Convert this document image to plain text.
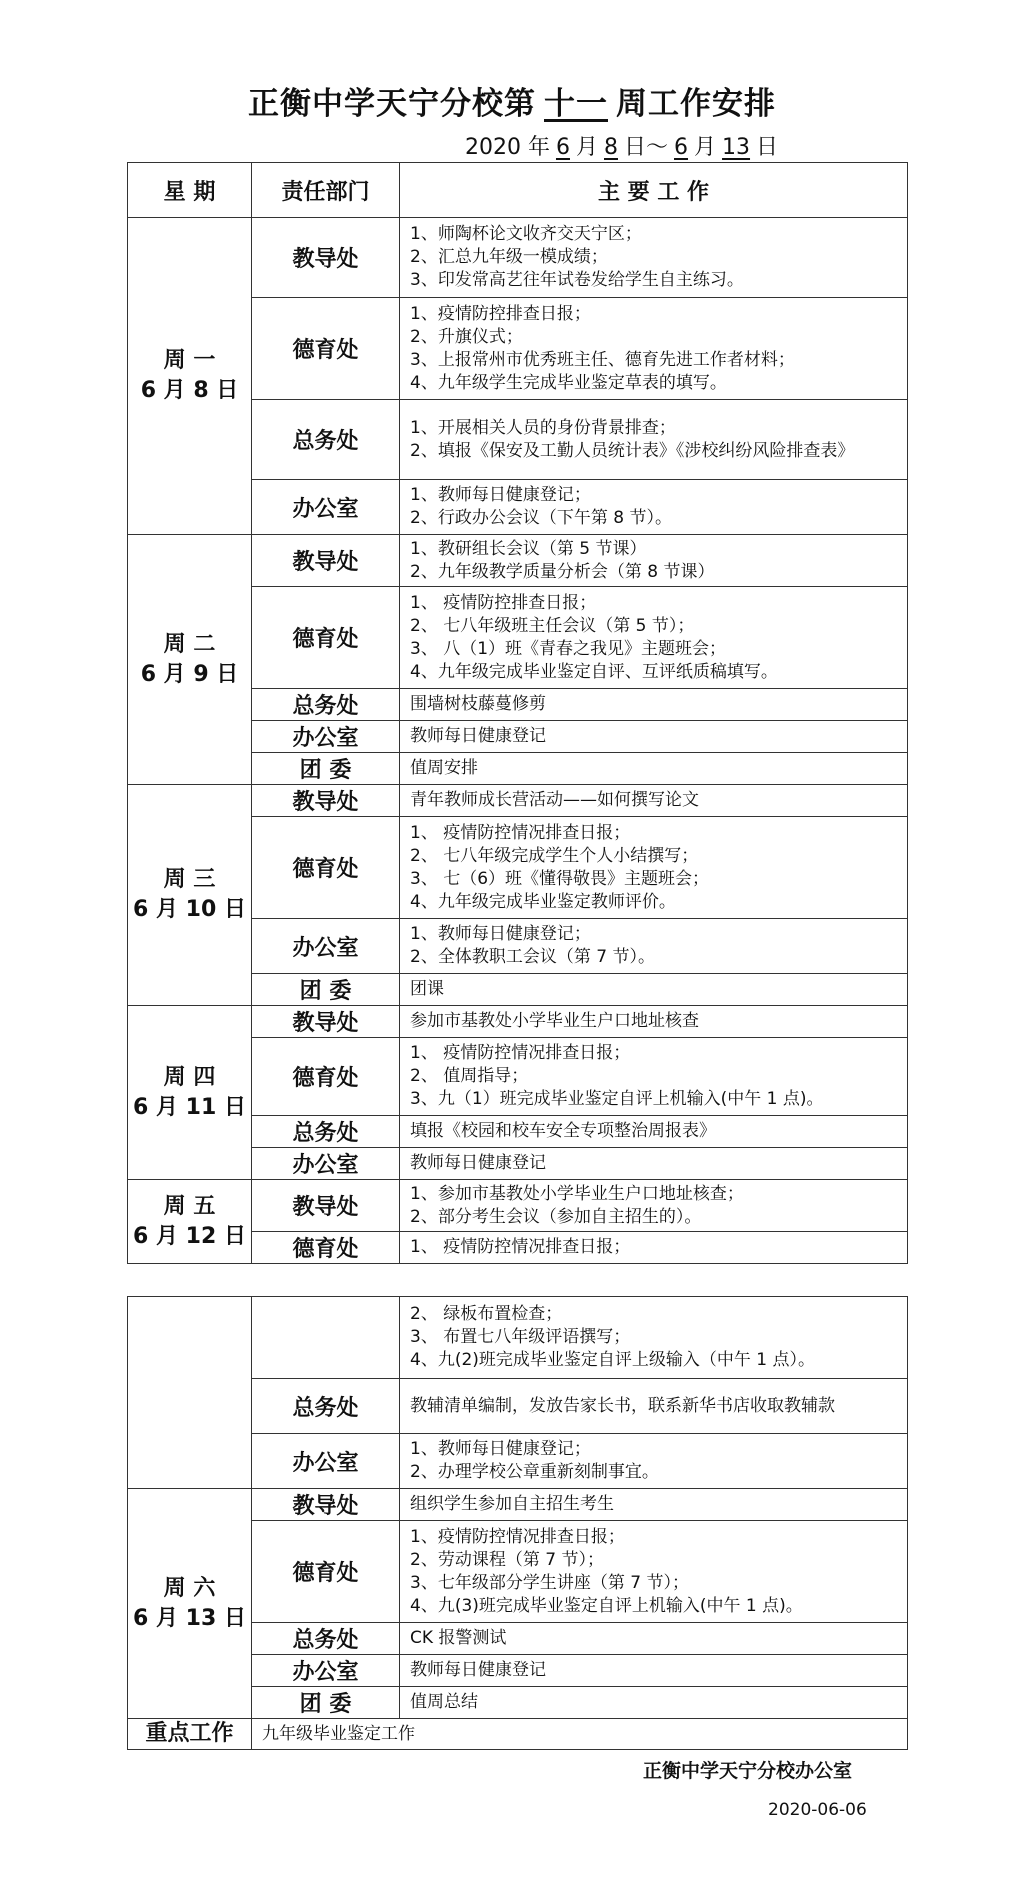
正衡中学天宁分校第 十一 周工作安排
2020 年 6 月 8 日～ 6 月 13 日
星 期	责任部门	主 要 工 作

周 一
6 月 8 日	教导处	1、师陶杯论文收齐交天宁区；
2、汇总九年级一模成绩；
3、印发常高艺往年试卷发给学生自主练习。

	德育处	1、疫情防控排查日报；
2、升旗仪式；
3、上报常州市优秀班主任、德育先进工作者材料；
4、九年级学生完成毕业鉴定草表的填写。

	总务处	1、开展相关人员的身份背景排查；
2、填报《保安及工勤人员统计表》《涉校纠纷风险排查表》

	办公室	1、教师每日健康登记；
2、行政办公会议（下午第 8 节）。

周 二
6 月 9 日	教导处	1、教研组长会议（第 5 节课）
2、九年级教学质量分析会（第 8 节课）

	德育处	1、 疫情防控排查日报；
2、 七八年级班主任会议（第 5 节）；
3、 八（1）班《青春之我见》主题班会；
4、九年级完成毕业鉴定自评、互评纸质稿填写。

	总务处	围墙树枝藤蔓修剪
	办公室	教师每日健康登记
	团 委	值周安排

周 三
6 月 10 日	教导处	青年教师成长营活动——如何撰写论文
	德育处	1、 疫情防控情况排查日报；
2、 七八年级完成学生个人小结撰写；
3、 七（6）班《懂得敬畏》主题班会；
4、九年级完成毕业鉴定教师评价。

	办公室	1、教师每日健康登记；
2、全体教职工会议（第 7 节）。

	团 委	团课

周 四
6 月 11 日	教导处	参加市基教处小学毕业生户口地址核查
	德育处	1、 疫情防控情况排查日报；
2、 值周指导；
3、九（1）班完成毕业鉴定自评上机输入(中午 1 点)。

	总务处	填报《校园和校车安全专项整治周报表》
	办公室	教师每日健康登记

周 五
6 月 12 日	教导处	1、参加市基教处小学毕业生户口地址核查；
2、部分考生会议（参加自主招生的）。

	德育处	1、 疫情防控情况排查日报；

		2、 绿板布置检查；
3、 布置七八年级评语撰写；
4、九(2)班完成毕业鉴定自评上级输入（中午 1 点）。

	总务处	教辅清单编制，发放告家长书，联系新华书店收取教辅款

	办公室	1、教师每日健康登记；
2、办理学校公章重新刻制事宜。

周 六
6 月 13 日	教导处	组织学生参加自主招生考生
	德育处	1、疫情防控情况排查日报；
2、劳动课程（第 7 节）；
3、七年级部分学生讲座（第 7 节）；
4、九(3)班完成毕业鉴定自评上机输入(中午 1 点)。

	总务处	CK 报警测试
	办公室	教师每日健康登记
	团 委	值周总结
重点工作	九年级毕业鉴定工作	
正衡中学天宁分校办公室
2020-06-06
